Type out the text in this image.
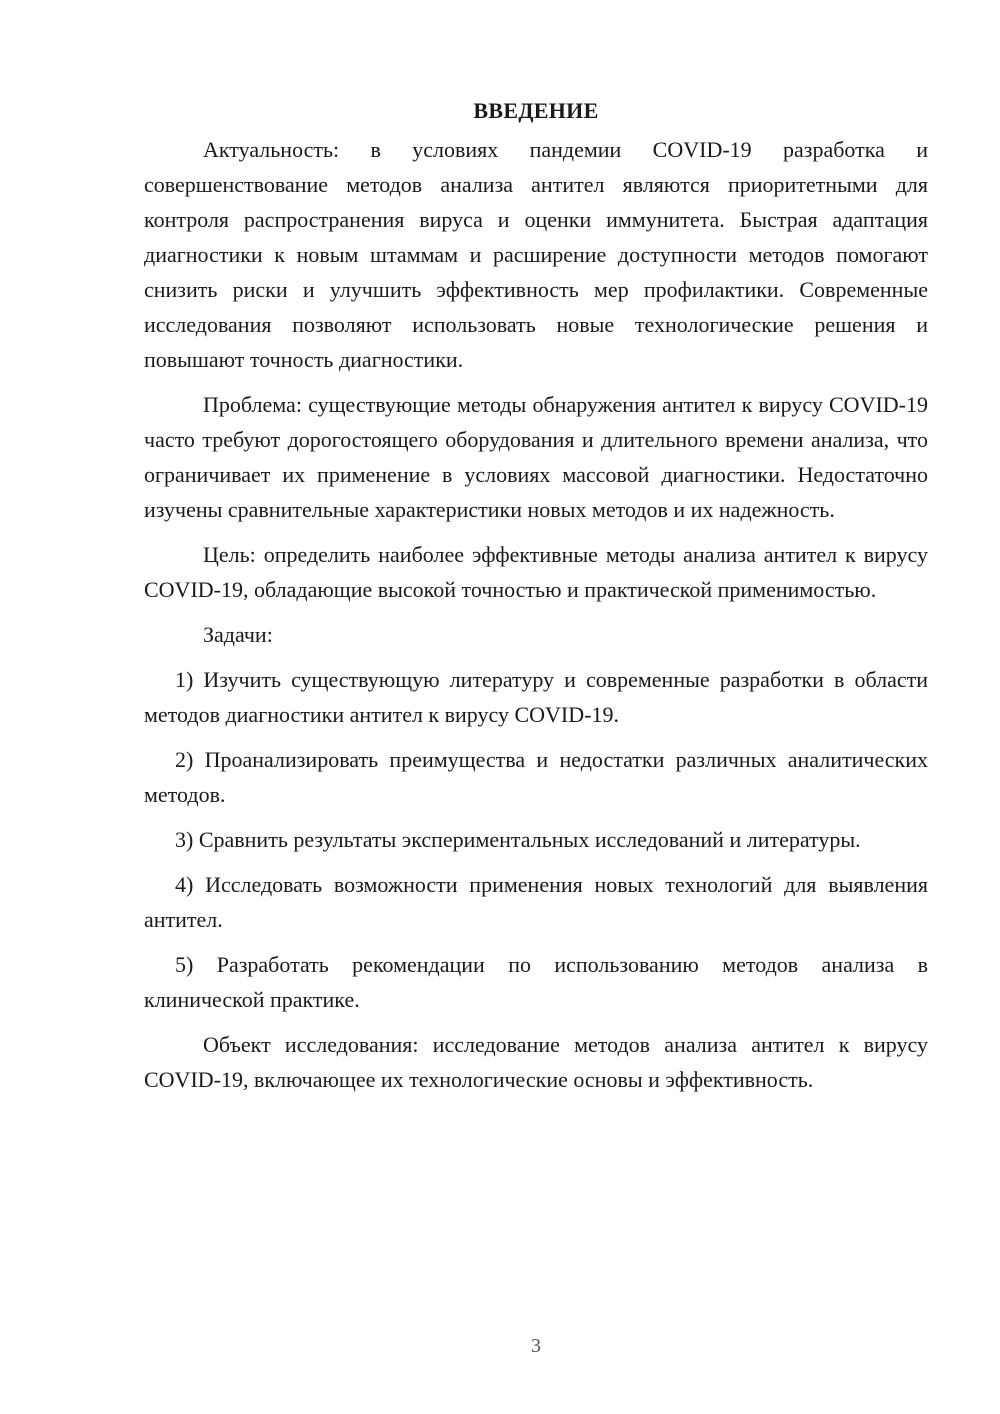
ВВЕДЕНИЕ

Актуальность: в условиях пандемии COVID-19 разработка и совершенствование методов анализа антител являются приоритетными для контроля распространения вируса и оценки иммунитета. Быстрая адаптация диагностики к новым штаммам и расширение доступности методов помогают снизить риски и улучшить эффективность мер профилактики. Современные исследования позволяют использовать новые технологические решения и повышают точность диагностики.

Проблема: существующие методы обнаружения антител к вирусу COVID-19 часто требуют дорогостоящего оборудования и длительного времени анализа, что ограничивает их применение в условиях массовой диагностики. Недостаточно изучены сравнительные характеристики новых методов и их надежность.

Цель: определить наиболее эффективные методы анализа антител к вирусу COVID-19, обладающие высокой точностью и практической применимостью.

Задачи:

1) Изучить существующую литературу и современные разработки в области методов диагностики антител к вирусу COVID-19.

2) Проанализировать преимущества и недостатки различных аналитических методов.

3) Сравнить результаты экспериментальных исследований и литературы.

4) Исследовать возможности применения новых технологий для выявления антител.

5) Разработать рекомендации по использованию методов анализа в клинической практике.

Объект исследования: исследование методов анализа антител к вирусу COVID-19, включающее их технологические основы и эффективность.

3
